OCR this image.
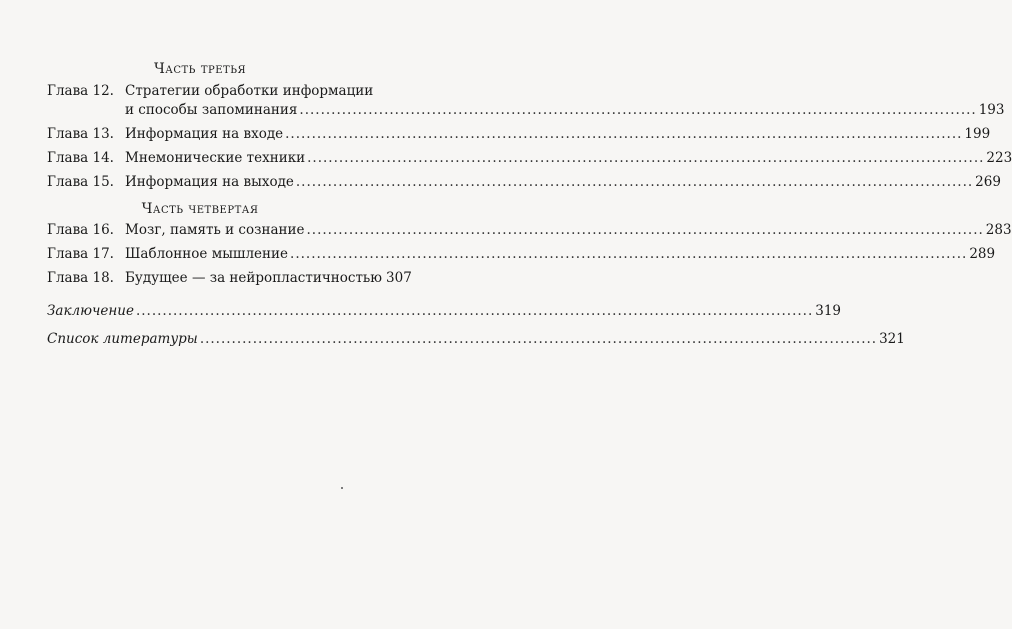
Часть третья
Глава 12. Стратегии обработки информации
и способы запоминания .....	193
Глава 13. Информация на входе .....	199
Глава 14. Мнемонические техники .....	223
Глава 15. Информация на выходе .....	269
Часть четвертая
Глава 16. Мозг, память и сознание .....	283
Глава 17. Шаблонное мышление .....	289
Глава 18. Будущее — за нейропластичностью 307
Заключение .....	319
Список литературы .....	321
